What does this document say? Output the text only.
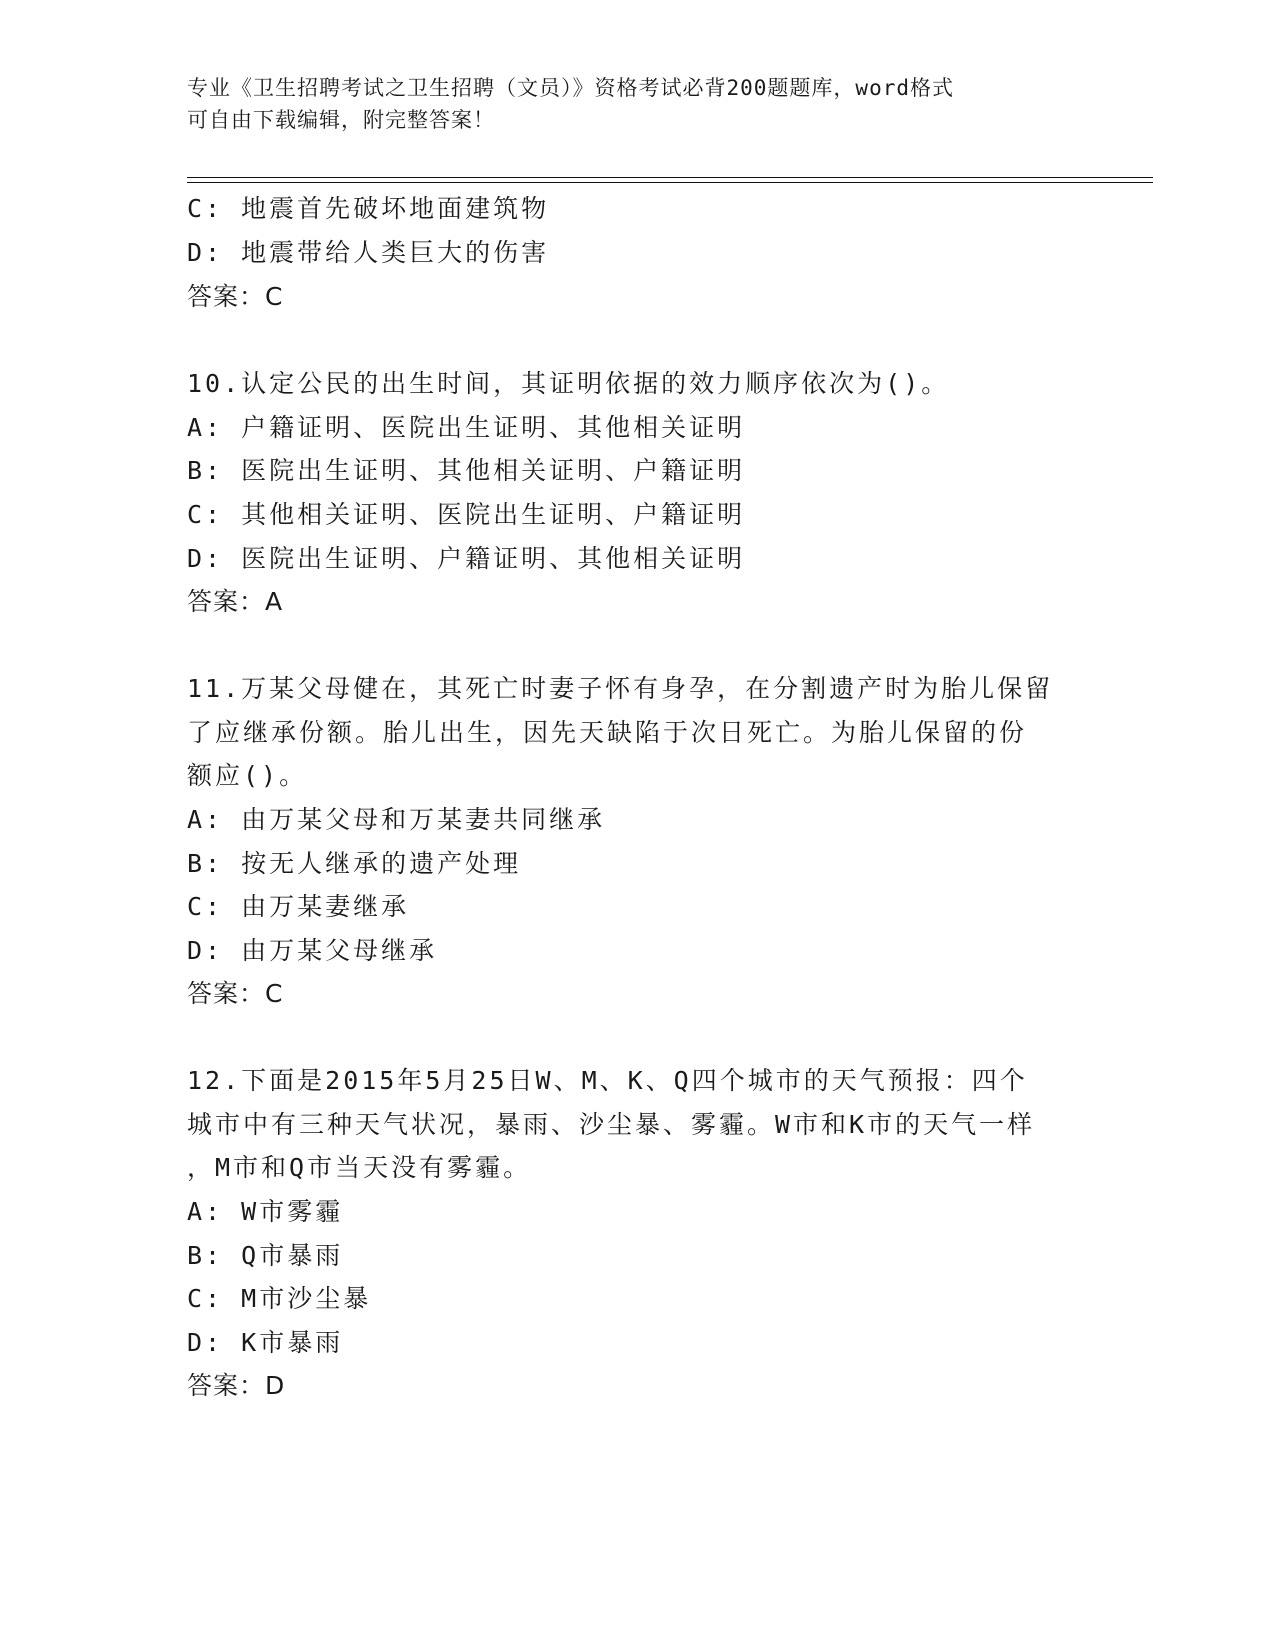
专业《卫生招聘考试之卫生招聘（文员）》资格考试必背200题题库，word格式
可自由下载编辑，附完整答案！
C: 地震首先破坏地面建筑物
D: 地震带给人类巨大的伤害
答案：C
10.认定公民的出生时间，其证明依据的效力顺序依次为()。
A: 户籍证明、医院出生证明、其他相关证明
B: 医院出生证明、其他相关证明、户籍证明
C: 其他相关证明、医院出生证明、户籍证明
D: 医院出生证明、户籍证明、其他相关证明
答案：A
11.万某父母健在，其死亡时妻子怀有身孕，在分割遗产时为胎儿保留
了应继承份额。胎儿出生，因先天缺陷于次日死亡。为胎儿保留的份
额应()。
A: 由万某父母和万某妻共同继承
B: 按无人继承的遗产处理
C: 由万某妻继承
D: 由万某父母继承
答案：C
12.下面是2015年5月25日W、M、K、Q四个城市的天气预报：四个
城市中有三种天气状况，暴雨、沙尘暴、雾霾。W市和K市的天气一样
，M市和Q市当天没有雾霾。
A: W市雾霾
B: Q市暴雨
C: M市沙尘暴
D: K市暴雨
答案：D
